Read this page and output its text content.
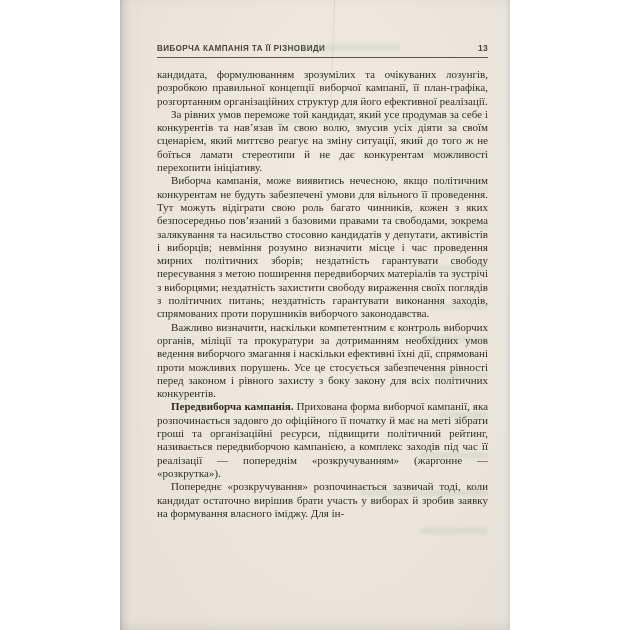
ВИБОРЧА КАМПАНІЯ ТА ЇЇ РІЗНОВИДИ	13

кандидата, формулюванням зрозумілих та очікуваних лозунгів, розробкою правильної концепції виборчої кампанії, її план-графіка, розгортанням організаційних структур для його ефективної реалізації.

За рівних умов переможе той кандидат, який усе продумав за себе і конкурентів та нав’язав їм свою волю, змусив усіх діяти за своїм сценарієм, який миттєво реагує на зміну ситуації, який до того ж не боїться ламати стереотипи й не дає конкурентам можливості перехопити ініціативу.

Виборча кампанія, може виявитись нечесною, якщо політичним конкурентам не будуть забезпечені умови для вільного її проведення. Тут можуть відіграти свою роль багато чинників, кожен з яких безпосередньо пов’язаний з базовими правами та свободами, зокрема залякування та насильство стосовно кандидатів у депутати, активістів і виборців; невміння розумно визначити місце і час проведення мирних політичних зборів; нездатність гарантувати свободу пересування з метою поширення передвиборчих матеріалів та зустрічі з виборцями; нездатність захистити свободу вираження своїх поглядів з політичних питань; нездатність гарантувати виконання заходів, спрямованих проти порушників виборчого законодавства.

Важливо визначити, наскільки компетентним є контроль виборчих органів, міліції та прокуратури за дотриманням необхідних умов ведення виборчого змагання і наскільки ефективні їхні дії, спрямовані проти можливих порушень. Усе це стосується забезпечення рівності перед законом і рівного захисту з боку закону для всіх політичних конкурентів.

Передвиборча кампанія. Прихована форма виборчої кампанії, яка розпочинається задовго до офіційного її початку й має на меті зібрати гроші та організаційні ресурси, підвищити політичний рейтинг, називається передвиборчою кампанією, а комплекс заходів під час її реалізації — попереднім «розкручуванням» (жаргонне — «розкрутка»).

Попереднє «розкручування» розпочинається зазвичай тоді, коли кандидат остаточно вирішив брати участь у виборах й зробив заявку на формування власного іміджу. Для ін-
